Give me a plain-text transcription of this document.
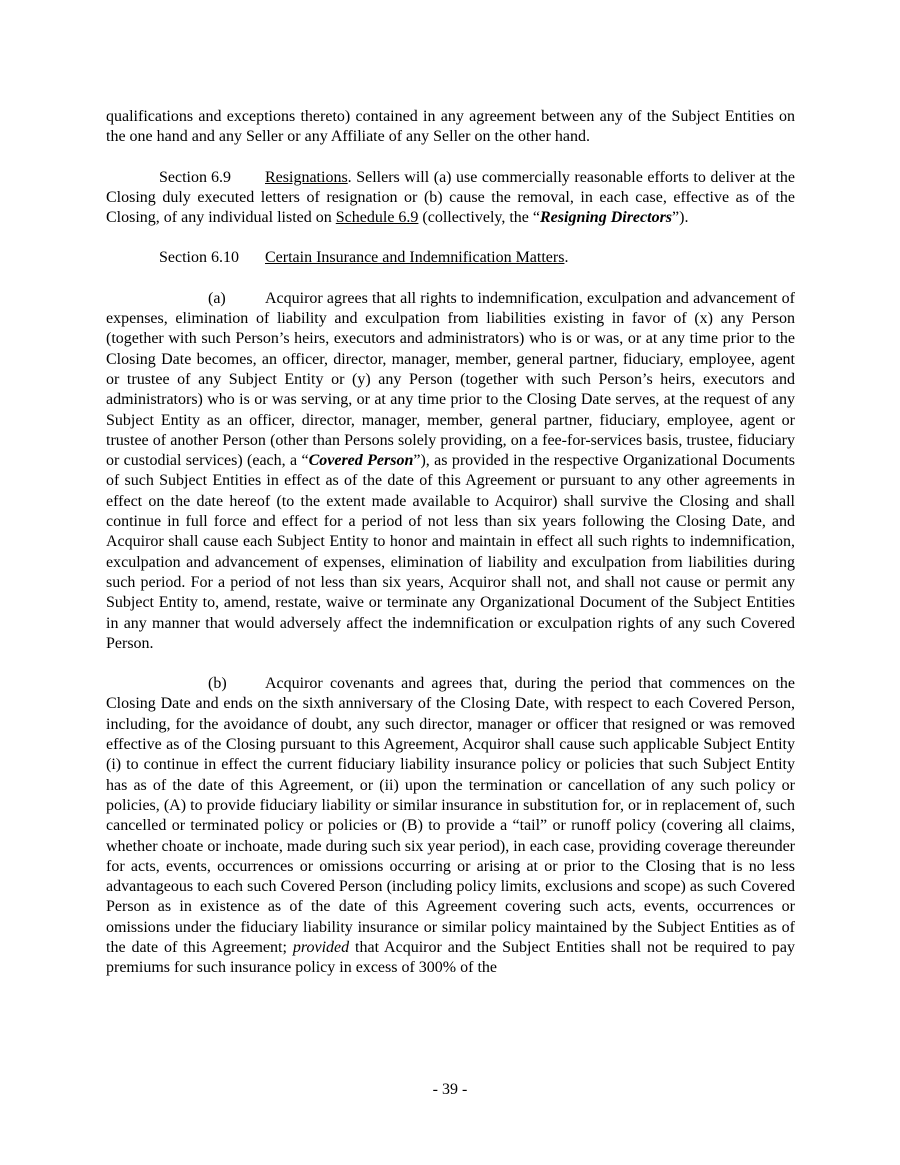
qualifications and exceptions thereto) contained in any agreement between any of the Subject Entities on the one hand and any Seller or any Affiliate of any Seller on the other hand.

Section 6.9 Resignations. Sellers will (a) use commercially reasonable efforts to deliver at the Closing duly executed letters of resignation or (b) cause the removal, in each case, effective as of the Closing, of any individual listed on Schedule 6.9 (collectively, the “Resigning Directors”).

Section 6.10 Certain Insurance and Indemnification Matters.

(a) Acquiror agrees that all rights to indemnification, exculpation and advancement of expenses, elimination of liability and exculpation from liabilities existing in favor of (x) any Person (together with such Person’s heirs, executors and administrators) who is or was, or at any time prior to the Closing Date becomes, an officer, director, manager, member, general partner, fiduciary, employee, agent or trustee of any Subject Entity or (y) any Person (together with such Person’s heirs, executors and administrators) who is or was serving, or at any time prior to the Closing Date serves, at the request of any Subject Entity as an officer, director, manager, member, general partner, fiduciary, employee, agent or trustee of another Person (other than Persons solely providing, on a fee-for-services basis, trustee, fiduciary or custodial services) (each, a “Covered Person”), as provided in the respective Organizational Documents of such Subject Entities in effect as of the date of this Agreement or pursuant to any other agreements in effect on the date hereof (to the extent made available to Acquiror) shall survive the Closing and shall continue in full force and effect for a period of not less than six years following the Closing Date, and Acquiror shall cause each Subject Entity to honor and maintain in effect all such rights to indemnification, exculpation and advancement of expenses, elimination of liability and exculpation from liabilities during such period. For a period of not less than six years, Acquiror shall not, and shall not cause or permit any Subject Entity to, amend, restate, waive or terminate any Organizational Document of the Subject Entities in any manner that would adversely affect the indemnification or exculpation rights of any such Covered Person.

(b) Acquiror covenants and agrees that, during the period that commences on the Closing Date and ends on the sixth anniversary of the Closing Date, with respect to each Covered Person, including, for the avoidance of doubt, any such director, manager or officer that resigned or was removed effective as of the Closing pursuant to this Agreement, Acquiror shall cause such applicable Subject Entity (i) to continue in effect the current fiduciary liability insurance policy or policies that such Subject Entity has as of the date of this Agreement, or (ii) upon the termination or cancellation of any such policy or policies, (A) to provide fiduciary liability or similar insurance in substitution for, or in replacement of, such cancelled or terminated policy or policies or (B) to provide a “tail” or runoff policy (covering all claims, whether choate or inchoate, made during such six year period), in each case, providing coverage thereunder for acts, events, occurrences or omissions occurring or arising at or prior to the Closing that is no less advantageous to each such Covered Person (including policy limits, exclusions and scope) as such Covered Person as in existence as of the date of this Agreement covering such acts, events, occurrences or omissions under the fiduciary liability insurance or similar policy maintained by the Subject Entities as of the date of this Agreement; provided that Acquiror and the Subject Entities shall not be required to pay premiums for such insurance policy in excess of 300% of the

- 39 -
